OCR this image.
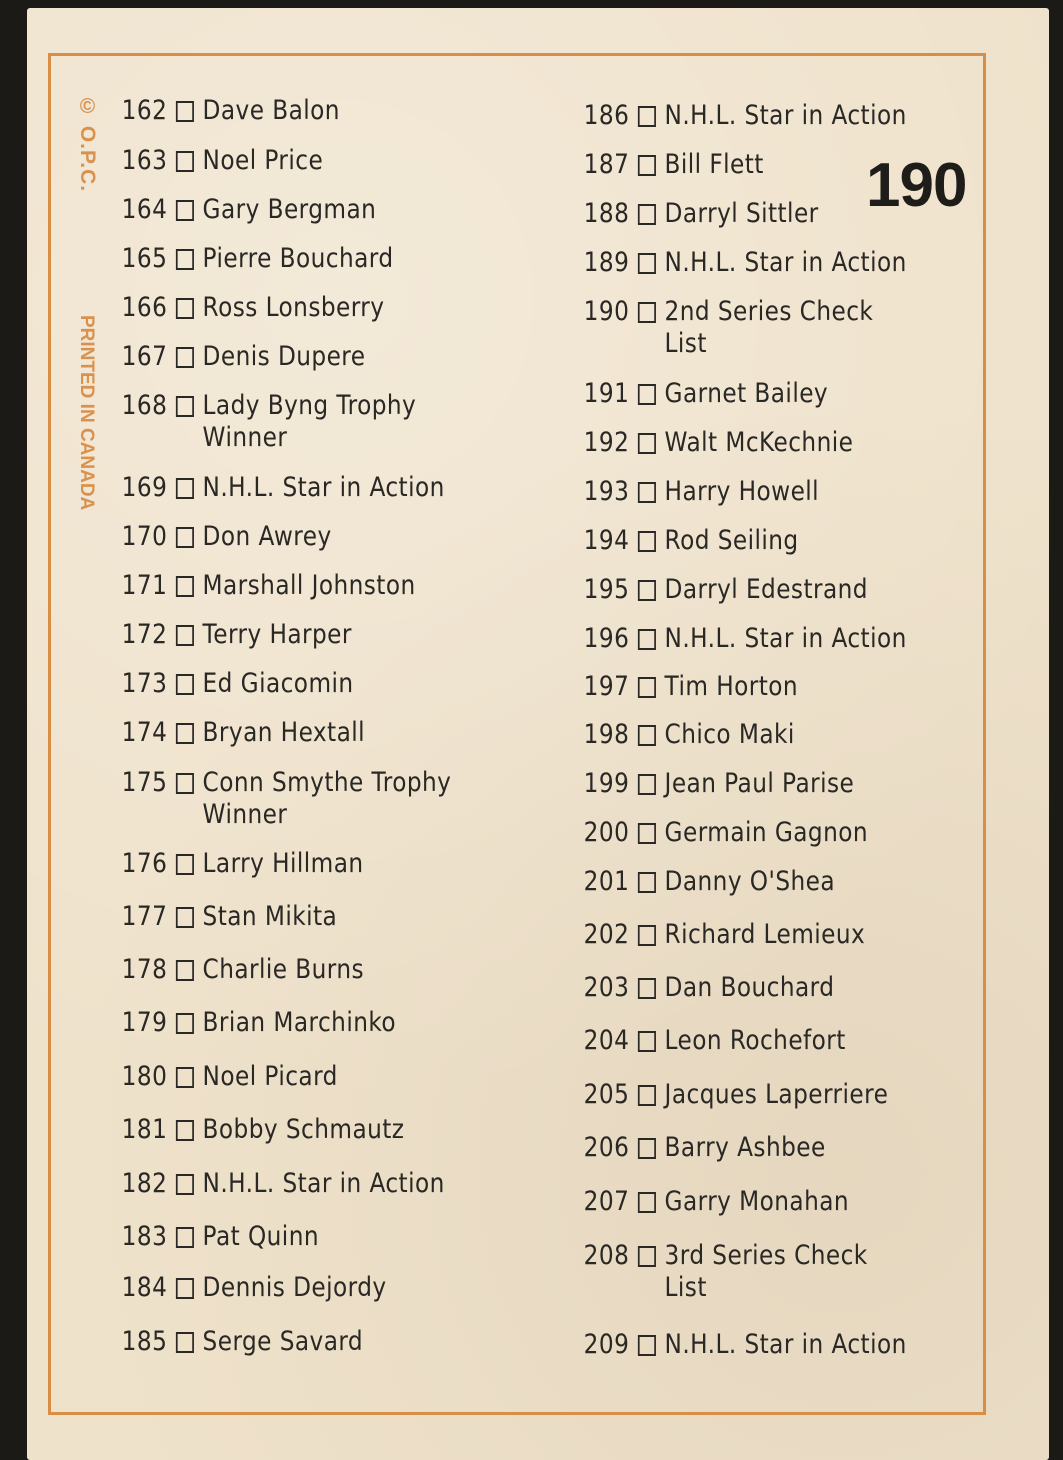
© O.P.C.
PRINTED IN CANADA
190
162 Dave Balon
163 Noel Price
164 Gary Bergman
165 Pierre Bouchard
166 Ross Lonsberry
167 Denis Dupere
168 Lady Byng Trophy Winner
169 N.H.L. Star in Action
170 Don Awrey
171 Marshall Johnston
172 Terry Harper
173 Ed Giacomin
174 Bryan Hextall
175 Conn Smythe Trophy Winner
176 Larry Hillman
177 Stan Mikita
178 Charlie Burns
179 Brian Marchinko
180 Noel Picard
181 Bobby Schmautz
182 N.H.L. Star in Action
183 Pat Quinn
184 Dennis Dejordy
185 Serge Savard
186 N.H.L. Star in Action
187 Bill Flett
188 Darryl Sittler
189 N.H.L. Star in Action
190 2nd Series Check List
191 Garnet Bailey
192 Walt McKechnie
193 Harry Howell
194 Rod Seiling
195 Darryl Edestrand
196 N.H.L. Star in Action
197 Tim Horton
198 Chico Maki
199 Jean Paul Parise
200 Germain Gagnon
201 Danny O'Shea
202 Richard Lemieux
203 Dan Bouchard
204 Leon Rochefort
205 Jacques Laperriere
206 Barry Ashbee
207 Garry Monahan
208 3rd Series Check List
209 N.H.L. Star in Action
